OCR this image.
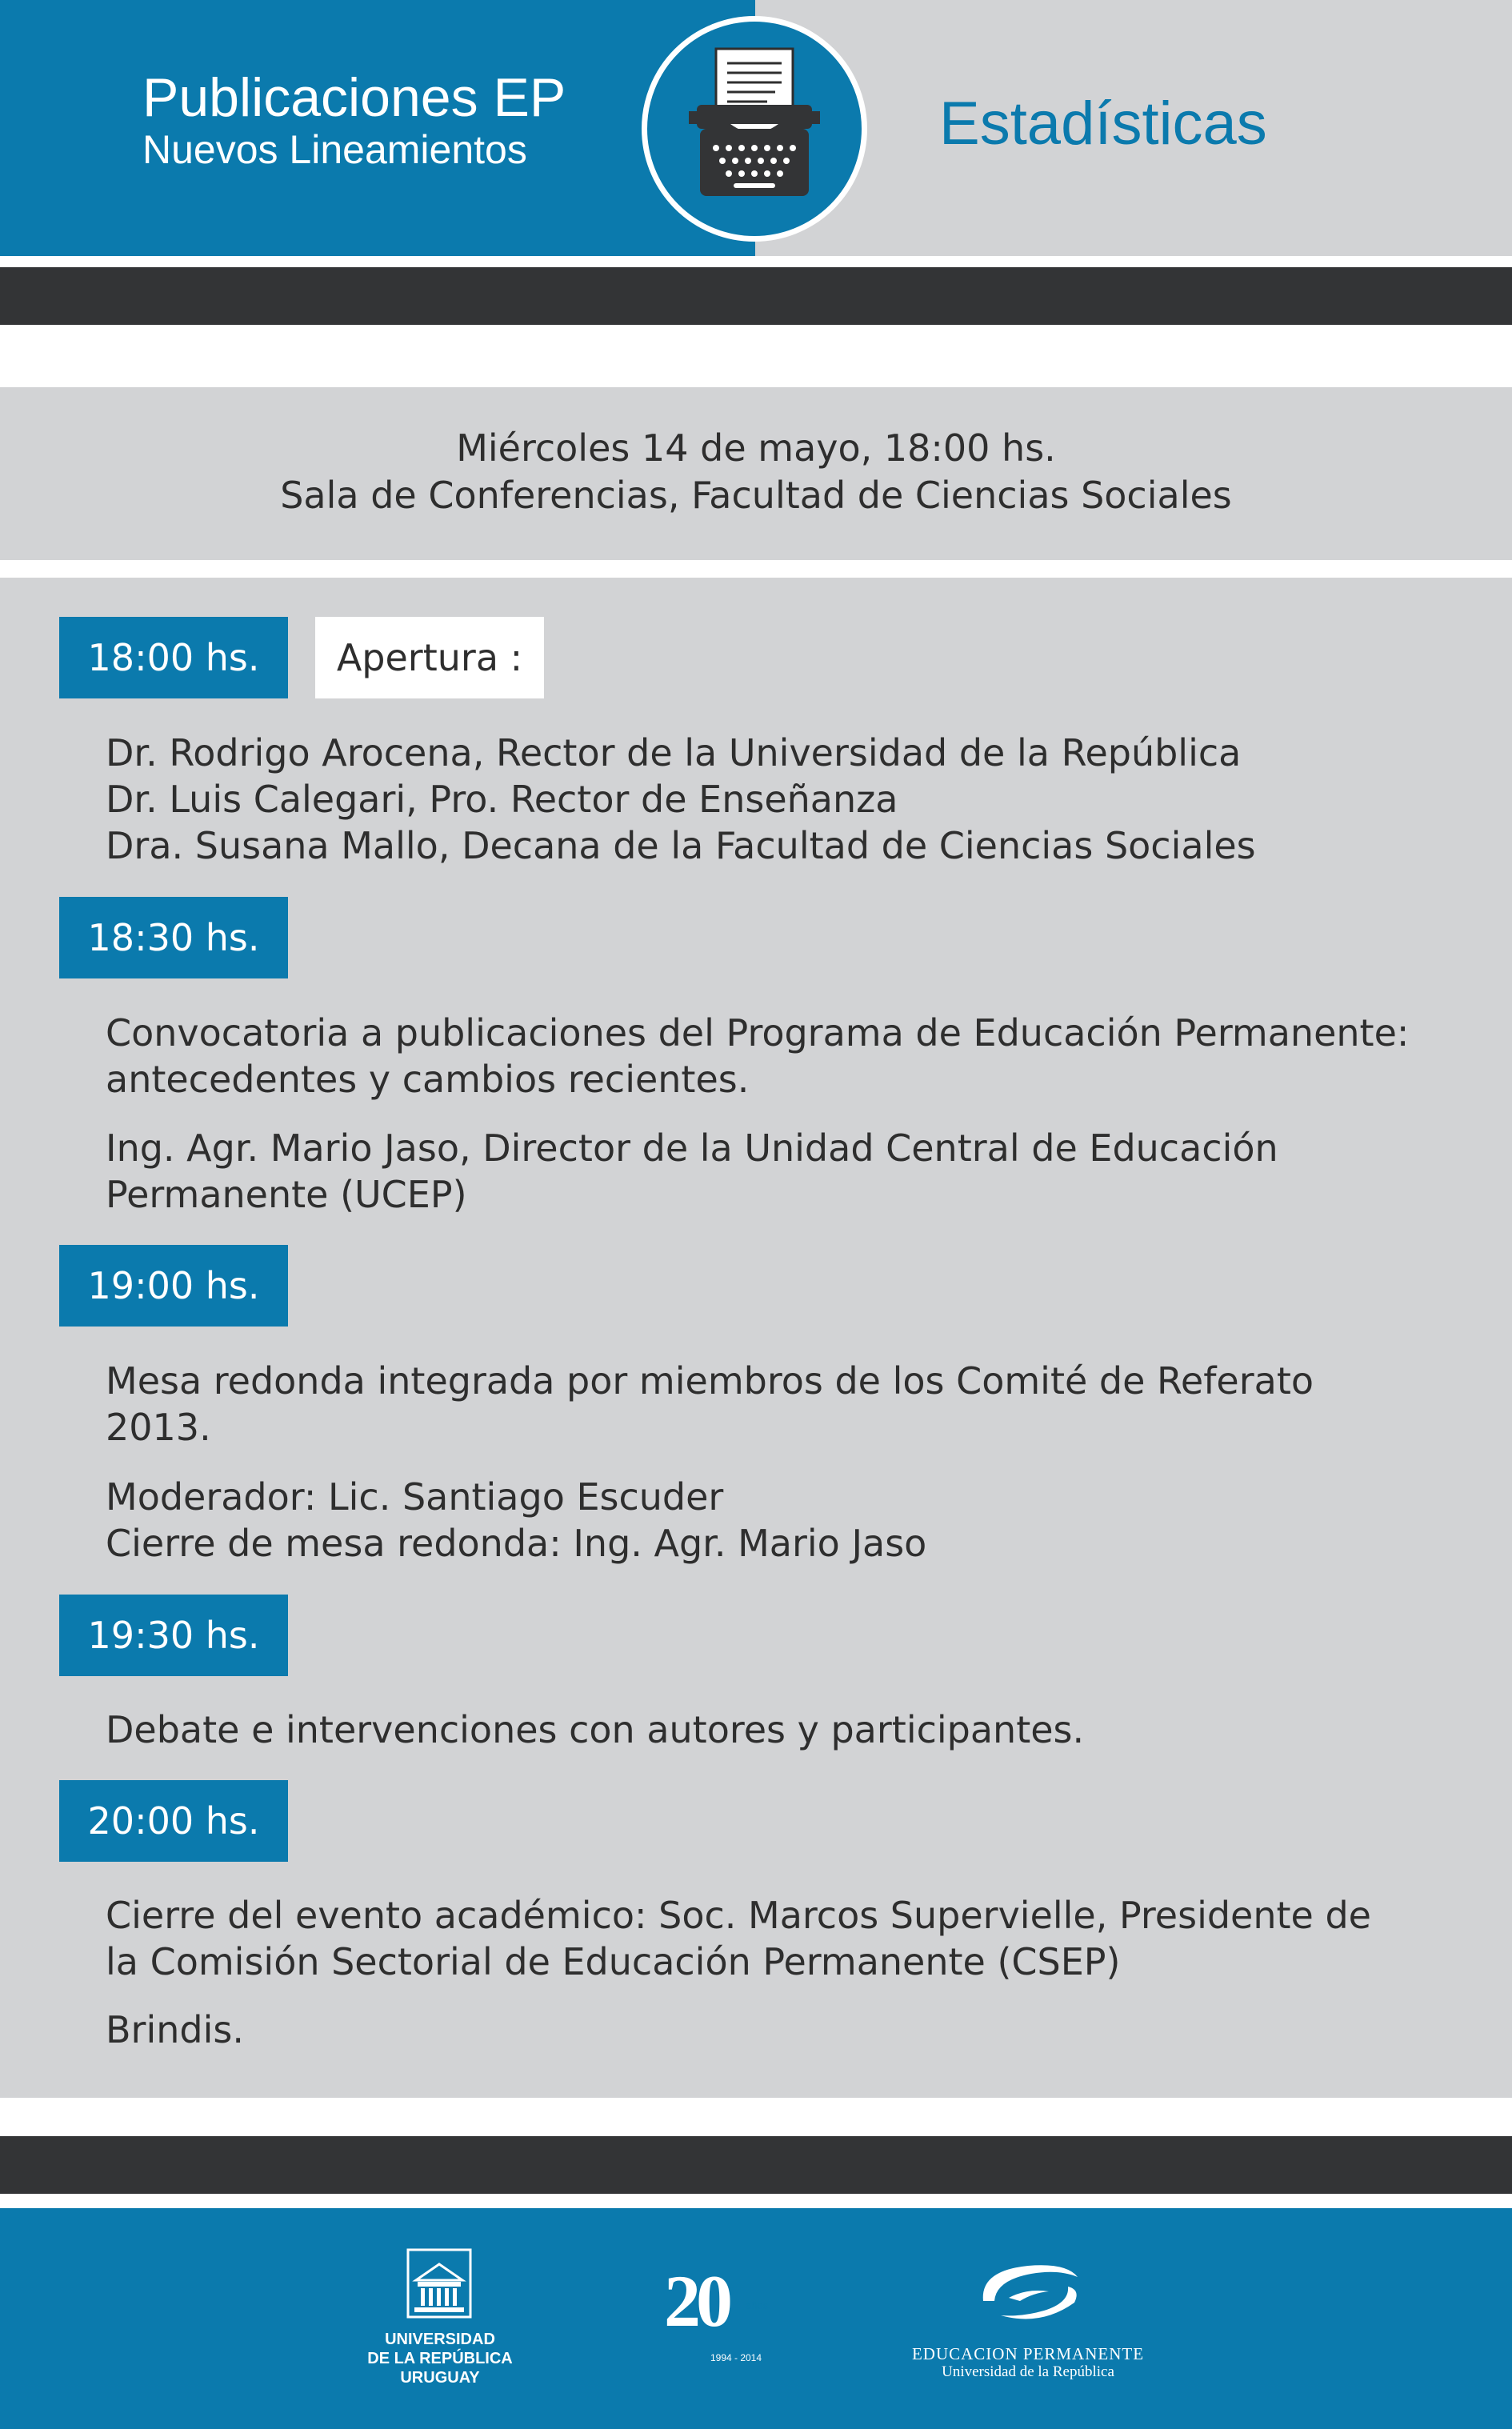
Publicaciones EP
Nuevos Lineamientos	Estadísticas
Miércoles 14 de mayo, 18:00 hs.
Sala de Conferencias, Facultad de Ciencias Sociales
18:00 hs.	Apertura :
Dr. Rodrigo Arocena, Rector de la Universidad de la República
Dr. Luis Calegari, Pro. Rector de Enseñanza
Dra. Susana Mallo, Decana de la Facultad de Ciencias Sociales
18:30 hs.
Convocatoria a publicaciones del Programa de Educación Permanente:
antecedentes y cambios recientes.
Ing. Agr. Mario Jaso, Director de la Unidad Central de Educación
Permanente (UCEP)
19:00 hs.
Mesa redonda integrada por miembros de los Comité de Referato
2013.
Moderador: Lic. Santiago Escuder
Cierre de mesa redonda: Ing. Agr. Mario Jaso
19:30 hs.
Debate e intervenciones con autores y participantes.
20:00 hs.
Cierre del evento académico: Soc. Marcos Supervielle, Presidente de
la Comisión Sectorial de Educación Permanente (CSEP)
Brindis.
UNIVERSIDAD
DE LA REPÚBLICA
URUGUAY
20	años
1994 - 2014	EDUCACION PERMANENTE
Universidad de la República
